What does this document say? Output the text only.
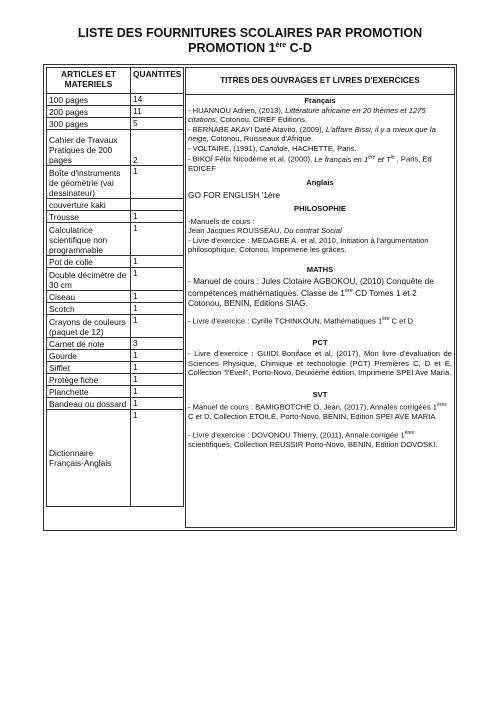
LISTE DES FOURNITURES SCOLAIRES PAR PROMOTION
PROMOTION 1ère C-D
ARTICLES ET MATERIELS	QUANTITES
100 pages	14
200 pages	11
300 pages	5
Cahier de Travaux Pratiques de 200 pages	2
Boîte d'instruments de géométrie (vai dessinateur)	1
couverture kaki	
Trousse	1
Calculatrice scientifique non programmable	1
Pot de colle	1
Double décimètre de 30 cm	1
Ciseau	1
Scotch	1
Crayons de couleurs (paquet de 12)	1
Carnet de note	3
Gourde	1
Sifflet	1
Protège fiche	1
Planchette	1
Bandeau ou dossard	1
Dictionnaire Français-Anglais	1
TITRES DES OUVRAGES ET LIVRES D'EXERCICES
Français

- HUANNOU Adrien, (2013), Littérature africaine en 20 thèmes et 1275 citations, Cotonou, CIREF Editions.

- BERNABE AKAYI Daté Atavito, (2009), L'affaire Bissi, il y a mieux que la neige, Cotonou, Ruisseaux d'Afrique.

- VOLTAIRE, (1991), Candide, HACHETTE, Paris.

- BIKOÏ Félix Nicodème et al, (2000), Le français en 1ère et $T^{le}$ , Paris, Ed EDICEF

Anglais

GO FOR ENGLISH '1ère

PHILOSOPHIE

-Manuels de cours :

Jean Jacques ROUSSEAU, Du contrat Social

- Livre d'exercice : MEDAGBE A. et al, 2010, Initiation à l'argumentation philosophique, Cotonou, Imprimerie les grâces.

MATHS

- Manuel de cours : Jules Clotaire AGBOKOU, (2010) Conquête de compétences mathématiques. Classe de 1ère CD Tomes 1 et 2 Cotonou, BENIN, Editions SIAG.

- Livre d'exercice : Cyrille TCHINKOUN, Mathématiques 1ère C et D

PCT

- Livre d'exercice : GUIDI Boniface et al, (2017), Mon livre d'évaluation de Sciences Physique, Chimique et technologie (PCT) Premières C, D et E, Collection "l'Eveil", Porto-Novo, Deuxième édition, Imprimerie SPEI Ave Maria.

SVT

- Manuel de cours : BAMIGBOTCHE O. Jean, (2017), Annales corrigées 1ères C et D, Collection ETOILE, Porto-Novo, BENIN, Edition SPEI AVE MARIA

- Livre d'exercice : DOVONOU Thierry, (2011), Annale corrigée 1ères scientifiques, Collection REUSSIR Porto-Novo, BENIN, Edition DOVOSKI.
